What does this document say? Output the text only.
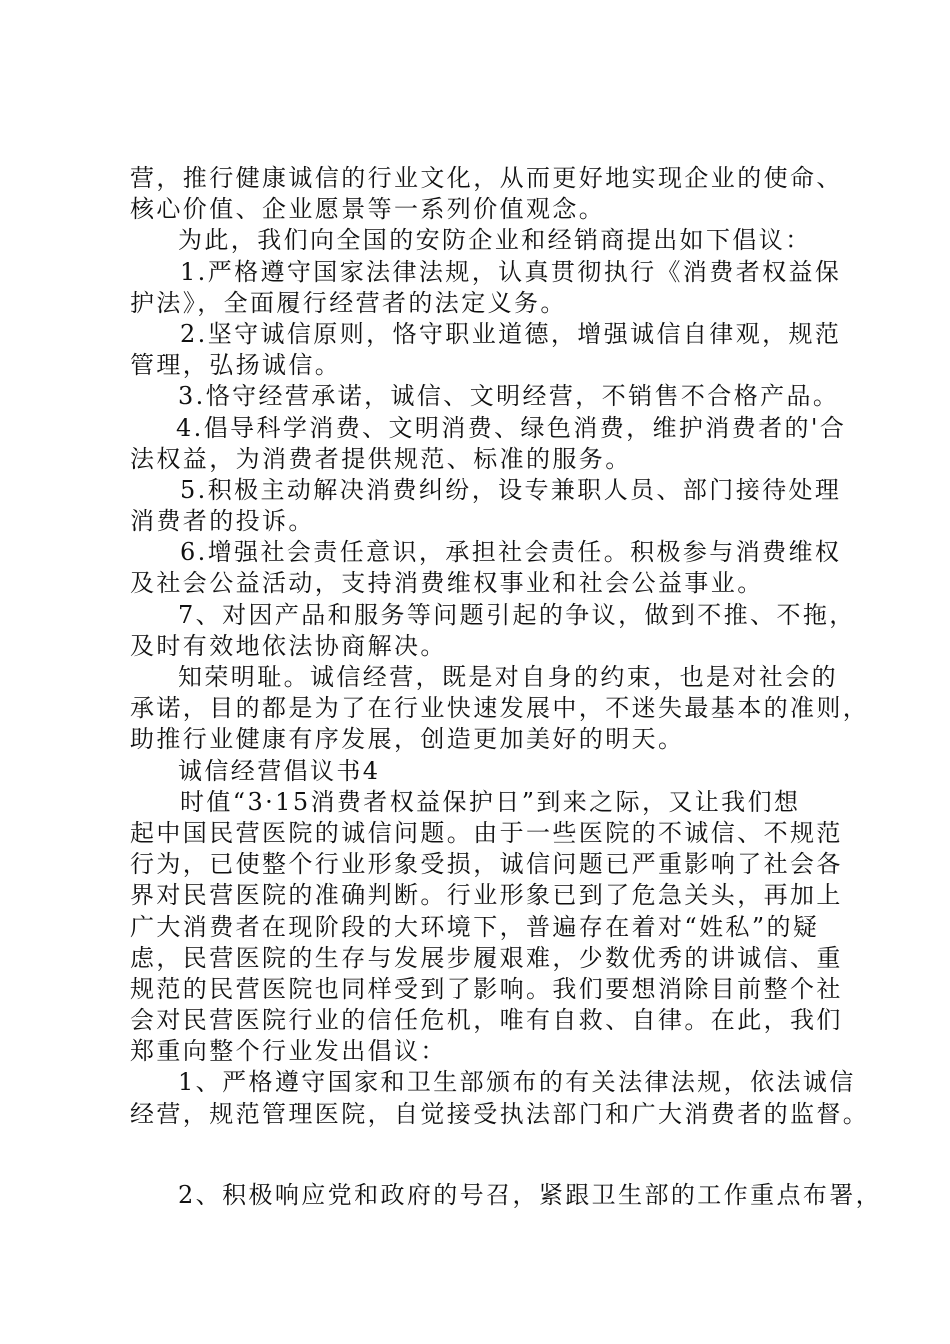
营，推行健康诚信的行业文化，从而更好地实现企业的使命、
核心价值、企业愿景等一系列价值观念。
为此，我们向全国的安防企业和经销商提出如下倡议：
1.严格遵守国家法律法规，认真贯彻执行《消费者权益保
护法》，全面履行经营者的法定义务。
2.坚守诚信原则，恪守职业道德，增强诚信自律观，规范
管理，弘扬诚信。
3.恪守经营承诺，诚信、文明经营，不销售不合格产品。
4.倡导科学消费、文明消费、绿色消费，维护消费者的'合
法权益，为消费者提供规范、标准的服务。
5.积极主动解决消费纠纷，设专兼职人员、部门接待处理
消费者的投诉。
6.增强社会责任意识，承担社会责任。积极参与消费维权
及社会公益活动，支持消费维权事业和社会公益事业。
7、对因产品和服务等问题引起的争议，做到不推、不拖，
及时有效地依法协商解决。
知荣明耻。诚信经营，既是对自身的约束，也是对社会的
承诺，目的都是为了在行业快速发展中，不迷失最基本的准则，
助推行业健康有序发展，创造更加美好的明天。
诚信经营倡议书4
时值“3·15消费者权益保护日”到来之际，又让我们想
起中国民营医院的诚信问题。由于一些医院的不诚信、不规范
行为，已使整个行业形象受损，诚信问题已严重影响了社会各
界对民营医院的准确判断。行业形象已到了危急关头，再加上
广大消费者在现阶段的大环境下，普遍存在着对“姓私”的疑
虑，民营医院的生存与发展步履艰难，少数优秀的讲诚信、重
规范的民营医院也同样受到了影响。我们要想消除目前整个社
会对民营医院行业的信任危机，唯有自救、自律。在此，我们
郑重向整个行业发出倡议：
1、严格遵守国家和卫生部颁布的有关法律法规，依法诚信
经营，规范管理医院，自觉接受执法部门和广大消费者的监督。
2、积极响应党和政府的号召，紧跟卫生部的工作重点布署，
